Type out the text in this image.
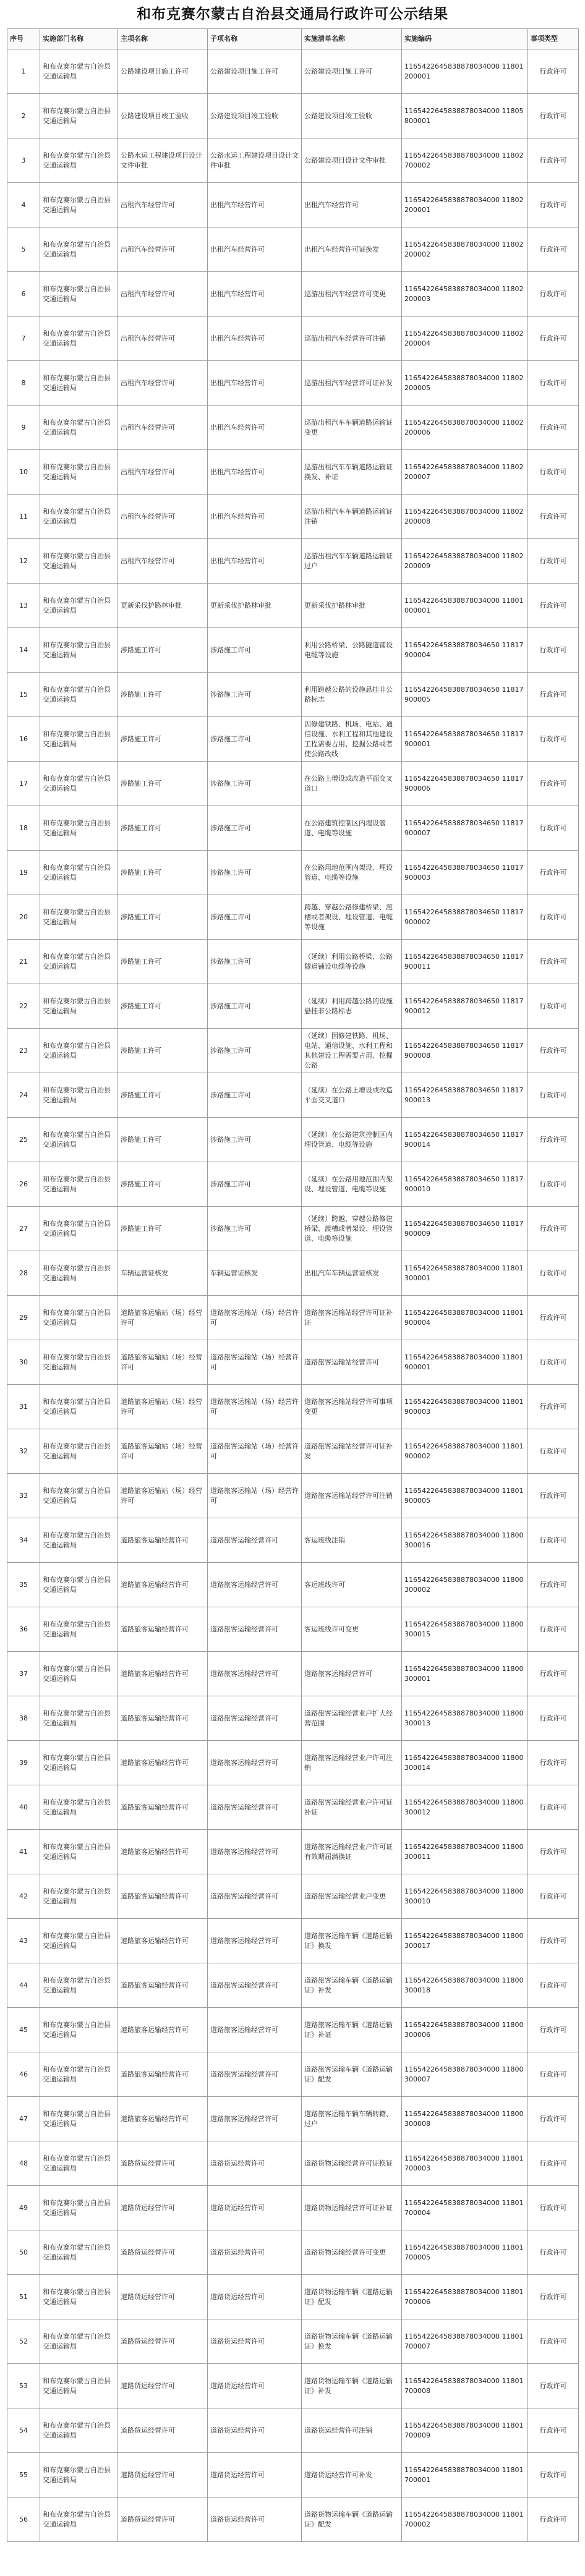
和布克赛尔蒙古自治县交通局行政许可公示结果
序号	实施部门名称	主项名称	子项名称	实施清单名称	实施编码	事项类型
1	和布克赛尔蒙古自治县交通运输局	公路建设项目施工许可	公路建设项目施工许可	公路建设项目施工许可	1165422645838878034000 11801200001	行政许可
2	和布克赛尔蒙古自治县交通运输局	公路建设项目竣工验收	公路建设项目竣工验收	公路建设项目竣工验收	1165422645838878034000 11805800001	行政许可
3	和布克赛尔蒙古自治县交通运输局	公路水运工程建设项目设计文件审批	公路水运工程建设项目设计文件审批	公路建设项目设计文件审批	1165422645838878034000 11802700002	行政许可
4	和布克赛尔蒙古自治县交通运输局	出租汽车经营许可	出租汽车经营许可	出租汽车经营许可	1165422645838878034000 11802200001	行政许可
5	和布克赛尔蒙古自治县交通运输局	出租汽车经营许可	出租汽车经营许可	出租汽车经营许可证换发	1165422645838878034000 11802200002	行政许可
6	和布克赛尔蒙古自治县交通运输局	出租汽车经营许可	出租汽车经营许可	巡游出租汽车经营许可变更	1165422645838878034000 11802200003	行政许可
7	和布克赛尔蒙古自治县交通运输局	出租汽车经营许可	出租汽车经营许可	巡游出租汽车经营许可注销	1165422645838878034000 11802200004	行政许可
8	和布克赛尔蒙古自治县交通运输局	出租汽车经营许可	出租汽车经营许可	巡游出租汽车经营许可证补发	1165422645838878034000 11802200005	行政许可
9	和布克赛尔蒙古自治县交通运输局	出租汽车经营许可	出租汽车经营许可	巡游出租汽车车辆道路运输证变更	1165422645838878034000 11802200006	行政许可
10	和布克赛尔蒙古自治县交通运输局	出租汽车经营许可	出租汽车经营许可	巡游出租汽车车辆道路运输证换发、补证	1165422645838878034000 11802200007	行政许可
11	和布克赛尔蒙古自治县交通运输局	出租汽车经营许可	出租汽车经营许可	巡游出租汽车车辆道路运输证注销	1165422645838878034000 11802200008	行政许可
12	和布克赛尔蒙古自治县交通运输局	出租汽车经营许可	出租汽车经营许可	巡游出租汽车车辆道路运输证过户	1165422645838878034000 11802200009	行政许可
13	和布克赛尔蒙古自治县交通运输局	更新采伐护路林审批	更新采伐护路林审批	更新采伐护路林审批	1165422645838878034000 11801000001	行政许可
14	和布克赛尔蒙古自治县交通运输局	涉路施工许可	涉路施工许可	利用公路桥梁、公路隧道铺设电缆等设施	1165422645838878034650 11817900004	行政许可
15	和布克赛尔蒙古自治县交通运输局	涉路施工许可	涉路施工许可	利用跨越公路的设施悬挂非公路标志	1165422645838878034650 11817900005	行政许可
16	和布克赛尔蒙古自治县交通运输局	涉路施工许可	涉路施工许可	因修建铁路、机场、电站、通信设施、水利工程和其他建设工程需要占用、挖掘公路或者使公路改线	1165422645838878034650 11817900001	行政许可
17	和布克赛尔蒙古自治县交通运输局	涉路施工许可	涉路施工许可	在公路上增设或改造平面交叉道口	1165422645838878034650 11817900006	行政许可
18	和布克赛尔蒙古自治县交通运输局	涉路施工许可	涉路施工许可	在公路建筑控制区内埋设管道、电缆等设施	1165422645838878034650 11817900007	行政许可
19	和布克赛尔蒙古自治县交通运输局	涉路施工许可	涉路施工许可	在公路用地范围内架设、埋设管道、电缆等设施	1165422645838878034650 11817900003	行政许可
20	和布克赛尔蒙古自治县交通运输局	涉路施工许可	涉路施工许可	跨越、穿越公路修建桥梁、渡槽或者架设、埋设管道、电缆等设施	1165422645838878034650 11817900002	行政许可
21	和布克赛尔蒙古自治县交通运输局	涉路施工许可	涉路施工许可	（延续）利用公路桥梁、公路隧道铺设电缆等设施	1165422645838878034650 11817900011	行政许可
22	和布克赛尔蒙古自治县交通运输局	涉路施工许可	涉路施工许可	（延续）利用跨越公路的设施悬挂非公路标志	1165422645838878034650 11817900012	行政许可
23	和布克赛尔蒙古自治县交通运输局	涉路施工许可	涉路施工许可	（延续）因修建铁路、机场、电站、通信设施、水利工程和其他建设工程需要占用、挖掘公路	1165422645838878034650 11817900008	行政许可
24	和布克赛尔蒙古自治县交通运输局	涉路施工许可	涉路施工许可	（延续）在公路上增设或改造平面交叉道口	1165422645838878034650 11817900013	行政许可
25	和布克赛尔蒙古自治县交通运输局	涉路施工许可	涉路施工许可	（延续）在公路建筑控制区内埋设管道、电缆等设施	1165422645838878034650 11817900014	行政许可
26	和布克赛尔蒙古自治县交通运输局	涉路施工许可	涉路施工许可	（延续）在公路用地范围内架设、埋设管道、电缆等设施	1165422645838878034650 11817900010	行政许可
27	和布克赛尔蒙古自治县交通运输局	涉路施工许可	涉路施工许可	（延续）跨越、穿越公路修建桥梁、渡槽或者架设、埋设管道、电缆等设施	1165422645838878034650 11817900009	行政许可
28	和布克赛尔蒙古自治县交通运输局	车辆运营证核发	车辆运营证核发	出租汽车车辆运营证核发	1165422645838878034000 11801300001	行政许可
29	和布克赛尔蒙古自治县交通运输局	道路旅客运输站（场）经营许可	道路旅客运输站（场）经营许可	道路旅客运输站经营许可证补证	1165422645838878034000 11801900004	行政许可
30	和布克赛尔蒙古自治县交通运输局	道路旅客运输站（场）经营许可	道路旅客运输站（场）经营许可	道路旅客运输站经营许可	1165422645838878034000 11801900001	行政许可
31	和布克赛尔蒙古自治县交通运输局	道路旅客运输站（场）经营许可	道路旅客运输站（场）经营许可	道路旅客运输站经营许可事项变更	1165422645838878034000 11801900003	行政许可
32	和布克赛尔蒙古自治县交通运输局	道路旅客运输站（场）经营许可	道路旅客运输站（场）经营许可	道路旅客运输站经营许可证补发	1165422645838878034000 11801900002	行政许可
33	和布克赛尔蒙古自治县交通运输局	道路旅客运输站（场）经营许可	道路旅客运输站（场）经营许可	道路旅客运输站经营许可注销	1165422645838878034000 11801900005	行政许可
34	和布克赛尔蒙古自治县交通运输局	道路旅客运输经营许可	道路旅客运输经营许可	客运班线注销	1165422645838878034000 11800300016	行政许可
35	和布克赛尔蒙古自治县交通运输局	道路旅客运输经营许可	道路旅客运输经营许可	客运班线许可	1165422645838878034000 11800300002	行政许可
36	和布克赛尔蒙古自治县交通运输局	道路旅客运输经营许可	道路旅客运输经营许可	客运班线许可变更	1165422645838878034000 11800300015	行政许可
37	和布克赛尔蒙古自治县交通运输局	道路旅客运输经营许可	道路旅客运输经营许可	道路旅客运输经营许可	1165422645838878034000 11800300001	行政许可
38	和布克赛尔蒙古自治县交通运输局	道路旅客运输经营许可	道路旅客运输经营许可	道路旅客运输经营业户扩大经营范围	1165422645838878034000 11800300013	行政许可
39	和布克赛尔蒙古自治县交通运输局	道路旅客运输经营许可	道路旅客运输经营许可	道路旅客运输经营业户许可注销	1165422645838878034000 11800300014	行政许可
40	和布克赛尔蒙古自治县交通运输局	道路旅客运输经营许可	道路旅客运输经营许可	道路旅客运输经营业户许可证补证	1165422645838878034000 11800300012	行政许可
41	和布克赛尔蒙古自治县交通运输局	道路旅客运输经营许可	道路旅客运输经营许可	道路旅客运输经营业户许可证有效期届满换证	1165422645838878034000 11800300011	行政许可
42	和布克赛尔蒙古自治县交通运输局	道路旅客运输经营许可	道路旅客运输经营许可	道路旅客运输经营业户变更	1165422645838878034000 11800300010	行政许可
43	和布克赛尔蒙古自治县交通运输局	道路旅客运输经营许可	道路旅客运输经营许可	道路旅客运输车辆《道路运输证》换发	1165422645838878034000 11800300017	行政许可
44	和布克赛尔蒙古自治县交通运输局	道路旅客运输经营许可	道路旅客运输经营许可	道路旅客运输车辆《道路运输证》补发	1165422645838878034000 11800300018	行政许可
45	和布克赛尔蒙古自治县交通运输局	道路旅客运输经营许可	道路旅客运输经营许可	道路旅客运输车辆《道路运输证》补证	1165422645838878034000 11800300006	行政许可
46	和布克赛尔蒙古自治县交通运输局	道路旅客运输经营许可	道路旅客运输经营许可	道路旅客运输车辆《道路运输证》配发	1165422645838878034000 11800300007	行政许可
47	和布克赛尔蒙古自治县交通运输局	道路旅客运输经营许可	道路旅客运输经营许可	道路旅客运输车辆车辆转籍、过户	1165422645838878034000 11800300008	行政许可
48	和布克赛尔蒙古自治县交通运输局	道路货运经营许可	道路货运经营许可	道路货物运输经营许可证换证	1165422645838878034000 11801700003	行政许可
49	和布克赛尔蒙古自治县交通运输局	道路货运经营许可	道路货运经营许可	道路货物运输经营许可证补证	1165422645838878034000 11801700004	行政许可
50	和布克赛尔蒙古自治县交通运输局	道路货运经营许可	道路货运经营许可	道路货物运输经营许可变更	1165422645838878034000 11801700005	行政许可
51	和布克赛尔蒙古自治县交通运输局	道路货运经营许可	道路货运经营许可	道路货物运输车辆《道路运输证》配发	1165422645838878034000 11801700006	行政许可
52	和布克赛尔蒙古自治县交通运输局	道路货运经营许可	道路货运经营许可	道路货物运输车辆《道路运输证》换发	1165422645838878034000 11801700007	行政许可
53	和布克赛尔蒙古自治县交通运输局	道路货运经营许可	道路货运经营许可	道路货物运输车辆《道路运输证》补发	1165422645838878034000 11801700008	行政许可
54	和布克赛尔蒙古自治县交通运输局	道路货运经营许可	道路货运经营许可	道路货运经营许可注销	1165422645838878034000 11801700009	行政许可
55	和布克赛尔蒙古自治县交通运输局	道路货运经营许可	道路货运经营许可	道路货运经营许可补发	1165422645838878034000 11801700001	行政许可
56	和布克赛尔蒙古自治县交通运输局	道路货运经营许可	道路货运经营许可	道路货物运输车辆《道路运输证》配发	1165422645838878034000 11801700002	行政许可
